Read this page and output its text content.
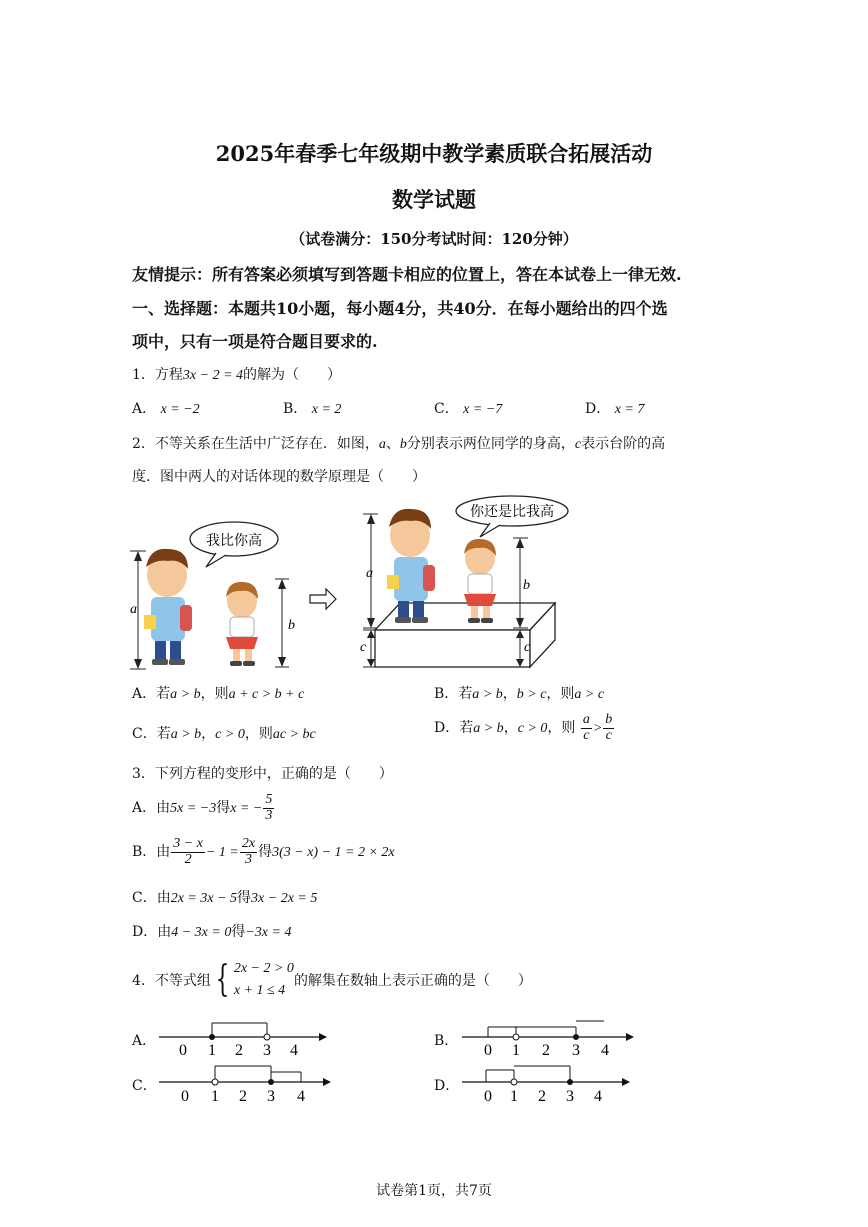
2025年春季七年级期中教学素质联合拓展活动
数学试题
（试卷满分：150分考试时间：120分钟）
友情提示：所有答案必须填写到答题卡相应的位置上，答在本试卷上一律无效.
一、选择题：本题共10小题，每小题4分，共40分．在每小题给出的四个选
项中，只有一项是符合题目要求的.
1．方程3x − 2 = 4的解为（　　）
A． x = −2	B． x = 2	C． x = −7	D． x = 7
2．不等关系在生活中广泛存在．如图，a、b分别表示两位同学的身高，c表示台阶的高
度．图中两人的对话体现的数学原理是（　　）
我比你高
a
b
你还是比我高
a
c
b
c
A．若a > b，则a + c > b + c	B．若a > b，b > c，则a > c
C．若a > b，c > 0，则ac > bc	D．若a > b，c > 0，则 $\frac{a}{c} > \frac{b}{c}$
3．下列方程的变形中，正确的是（　　）
A．由5x = −3得x = − $\frac{5}{3}$
B．由 $\frac{3 - x}{2} - 1 = \frac{2x}{3}$ 得3(3 − x) − 1 = 2 × 2x
C．由2x = 3x − 5得3x − 2x = 5
D．由4 − 3x = 0得−3x = 4
4．不等式组 { 2x − 2 > 0
x + 1 ≤ 4
的解集在数轴上表示正确的是（　　）
A．
0 1 2 3 4
B．
0 1 2 3 4
C．
0 1 2 3 4
D．
0 1 2 3 4
试卷第1页，共7页
